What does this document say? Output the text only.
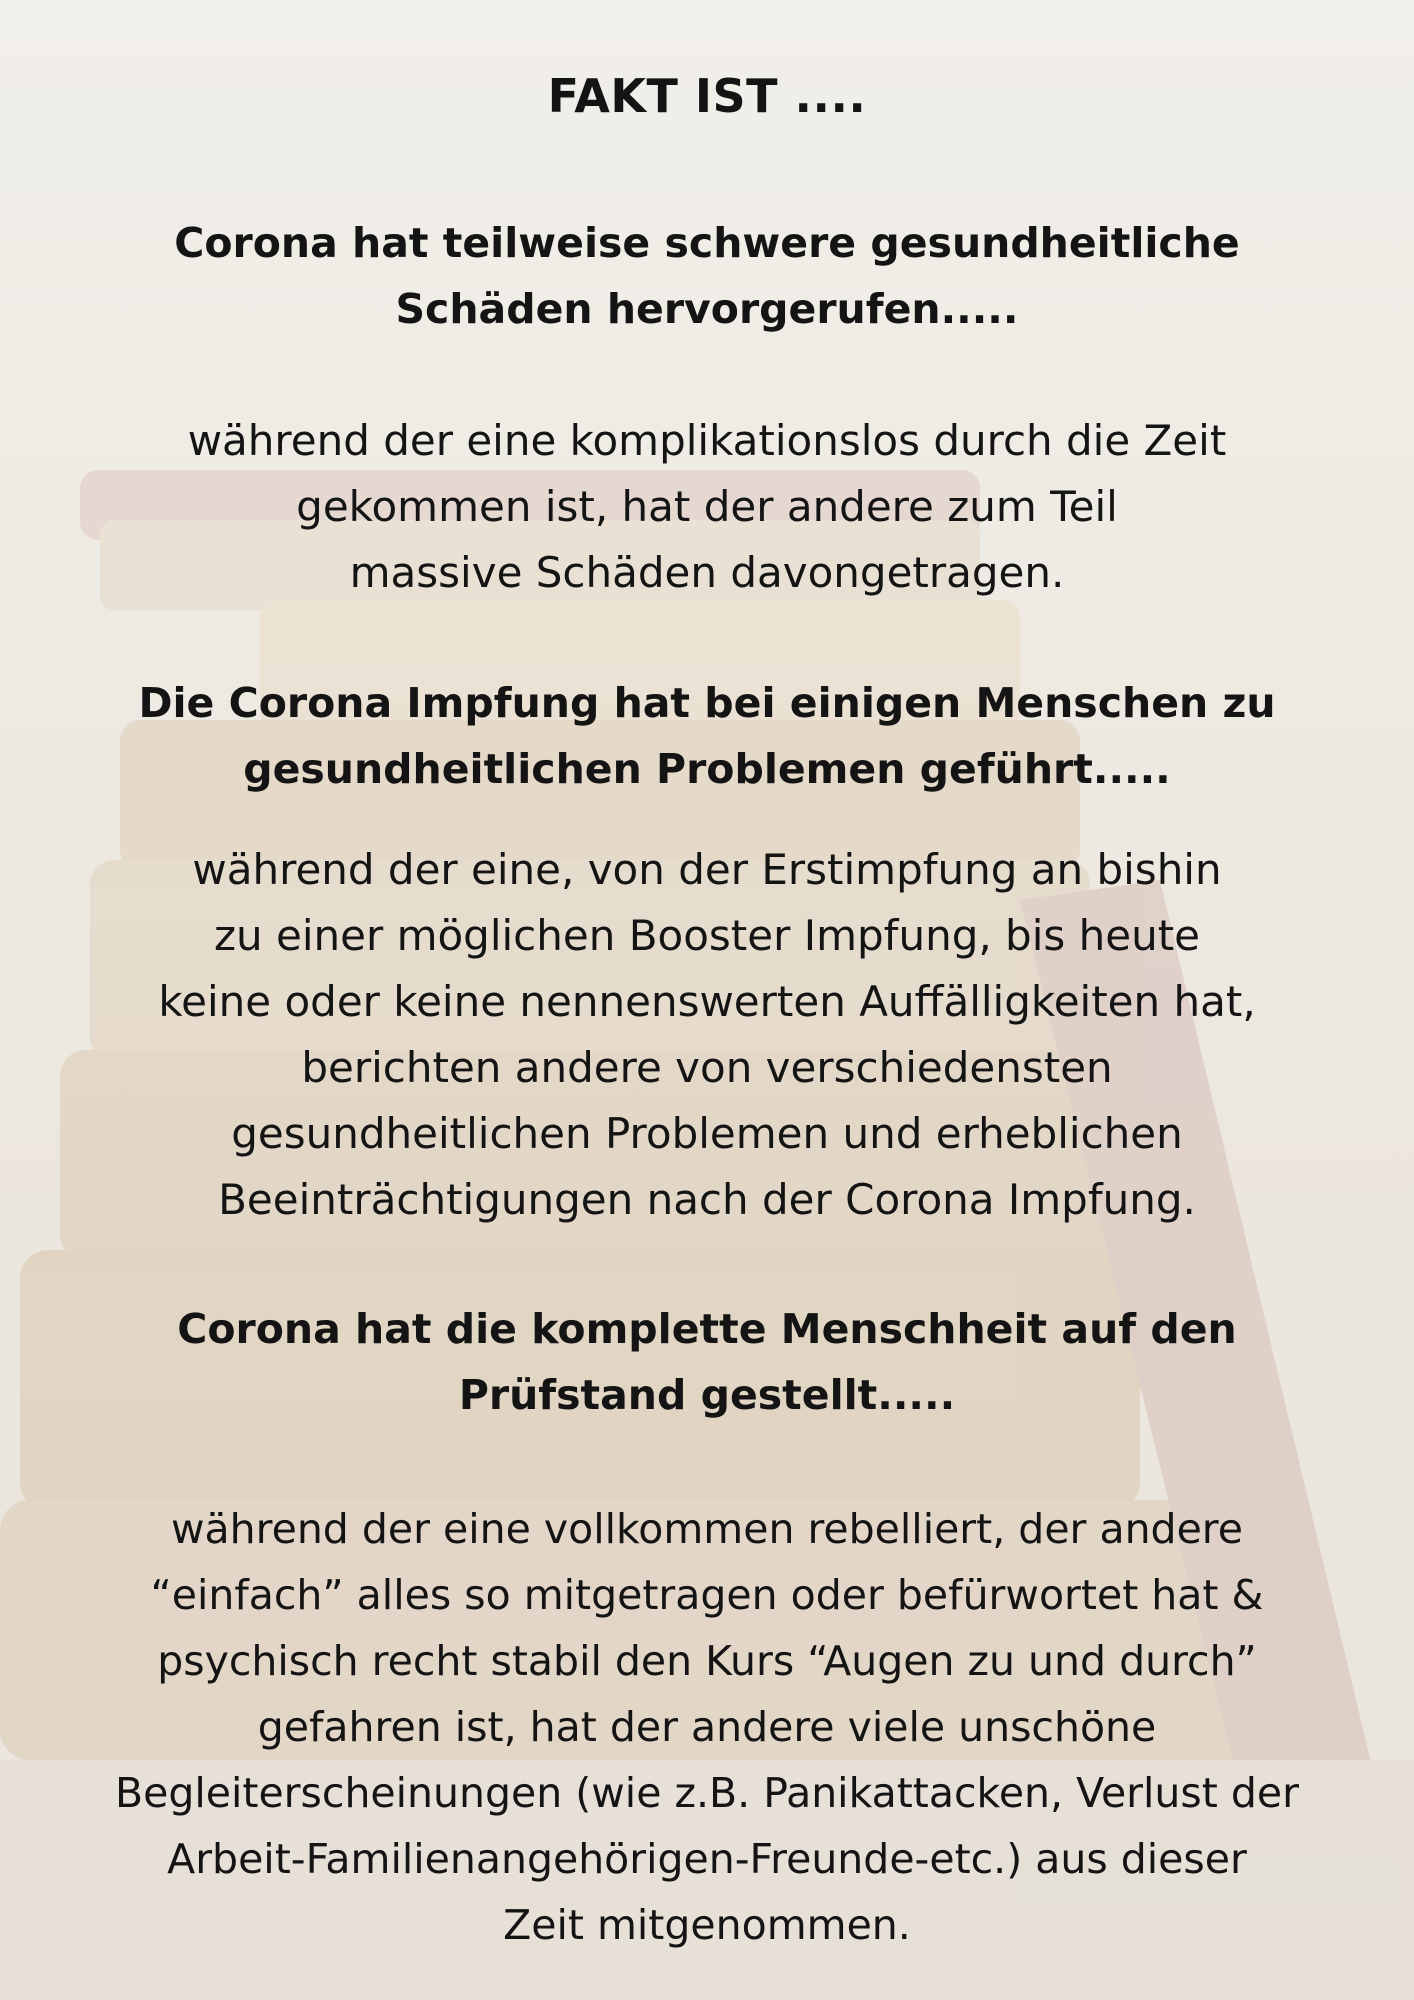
FAKT IST ....
Corona hat teilweise schwere gesundheitliche
Schäden hervorgerufen.....
während der eine komplikationslos durch die Zeit
gekommen ist, hat der andere zum Teil
massive Schäden davongetragen.
Die Corona Impfung hat bei einigen Menschen zu
gesundheitlichen Problemen geführt.....
während der eine, von der Erstimpfung an bishin
zu einer möglichen Booster Impfung, bis heute
keine oder keine nennenswerten Auffälligkeiten hat,
berichten andere von verschiedensten
gesundheitlichen Problemen und erheblichen
Beeinträchtigungen nach der Corona Impfung.
Corona hat die komplette Menschheit auf den
Prüfstand gestellt.....
während der eine vollkommen rebelliert, der andere
“einfach” alles so mitgetragen oder befürwortet hat &
psychisch recht stabil den Kurs “Augen zu und durch”
gefahren ist, hat der andere viele unschöne
Begleiterscheinungen (wie z.B. Panikattacken, Verlust der
Arbeit-Familienangehörigen-Freunde-etc.) aus dieser
Zeit mitgenommen.
